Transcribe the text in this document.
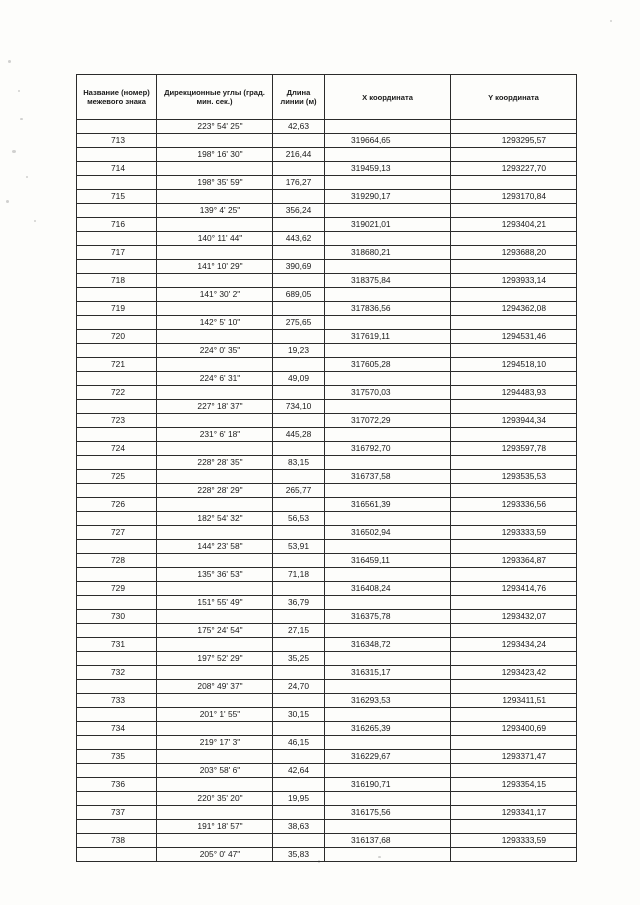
Название (номер) межевого знака	Дирекционные углы (град. мин. сек.)	Длина линии (м)	X координата	Y координата
	223° 54' 25"	42,63		
713			319664,65	1293295,57
	198° 16' 30"	216,44		
714			319459,13	1293227,70
	198° 35' 59"	176,27		
715			319290,17	1293170,84
	139° 4' 25"	356,24		
716			319021,01	1293404,21
	140° 11' 44"	443,62		
717			318680,21	1293688,20
	141° 10' 29"	390,69		
718			318375,84	1293933,14
	141° 30' 2"	689,05		
719			317836,56	1294362,08
	142° 5' 10"	275,65		
720			317619,11	1294531,46
	224° 0' 35"	19,23		
721			317605,28	1294518,10
	224° 6' 31"	49,09		
722			317570,03	1294483,93
	227° 18' 37"	734,10		
723			317072,29	1293944,34
	231° 6' 18"	445,28		
724			316792,70	1293597,78
	228° 28' 35"	83,15		
725			316737,58	1293535,53
	228° 28' 29"	265,77		
726			316561,39	1293336,56
	182° 54' 32"	56,53		
727			316502,94	1293333,59
	144° 23' 58"	53,91		
728			316459,11	1293364,87
	135° 36' 53"	71,18		
729			316408,24	1293414,76
	151° 55' 49"	36,79		
730			316375,78	1293432,07
	175° 24' 54"	27,15		
731			316348,72	1293434,24
	197° 52' 29"	35,25		
732			316315,17	1293423,42
	208° 49' 37"	24,70		
733			316293,53	1293411,51
	201° 1' 55"	30,15		
734			316265,39	1293400,69
	219° 17' 3"	46,15		
735			316229,67	1293371,47
	203° 58' 6"	42,64		
736			316190,71	1293354,15
	220° 35' 20"	19,95		
737			316175,56	1293341,17
	191° 18' 57"	38,63		
738			316137,68	1293333,59
	205° 0' 47"	35,83		
